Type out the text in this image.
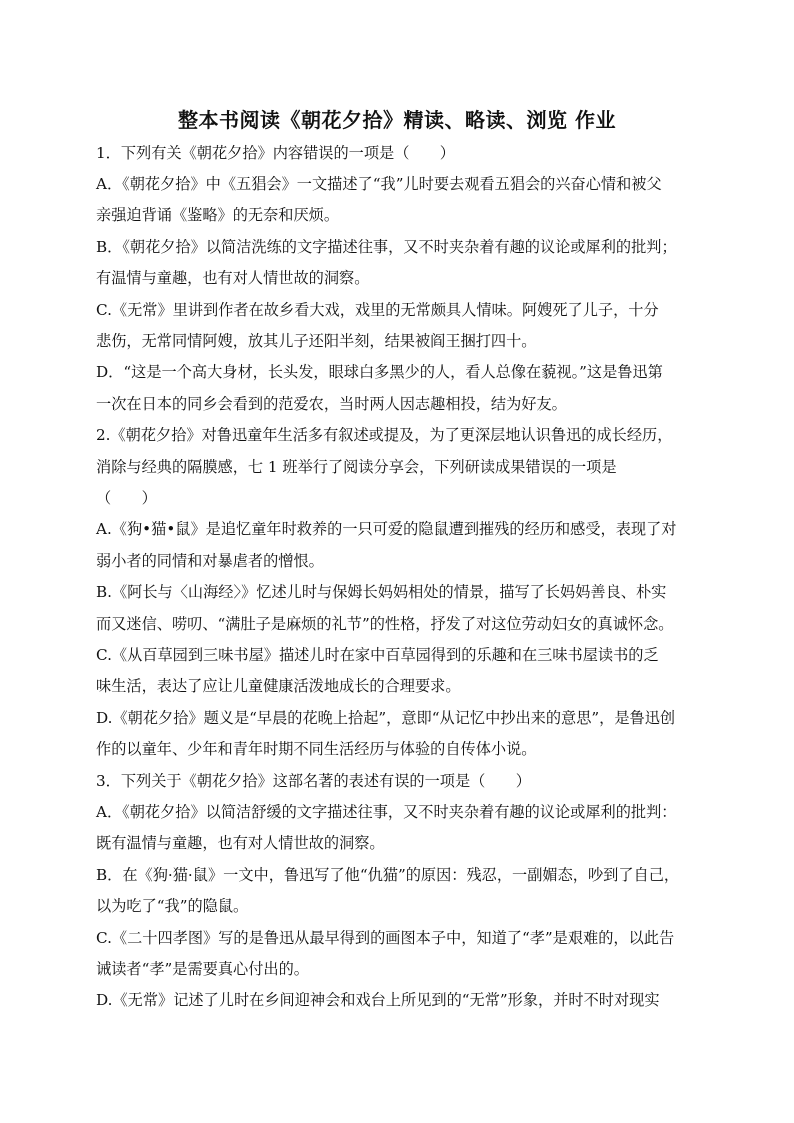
整本书阅读《朝花夕拾》精读、略读、浏览 作业
1．下列有关《朝花夕拾》内容错误的一项是（　　）
A．《朝花夕拾》中《五猖会》一文描述了“我”儿时要去观看五猖会的兴奋心情和被父
亲强迫背诵《鉴略》的无奈和厌烦。
B．《朝花夕拾》以简洁洗练的文字描述往事，又不时夹杂着有趣的议论或犀利的批判；
有温情与童趣，也有对人情世故的洞察。
C.《无常》里讲到作者在故乡看大戏，戏里的无常颇具人情味。阿嫂死了儿子，十分
悲伤，无常同情阿嫂，放其儿子还阳半刻，结果被阎王捆打四十。
D．“这是一个高大身材，长头发，眼球白多黑少的人，看人总像在藐视。”这是鲁迅第
一次在日本的同乡会看到的范爱农，当时两人因志趣相投，结为好友。
2.《朝花夕拾》对鲁迅童年生活多有叙述或提及，为了更深层地认识鲁迅的成长经历，
消除与经典的隔膜感，七 1 班举行了阅读分享会，下列研读成果错误的一项是
（　　）
A.《狗•猫•鼠》是追忆童年时救养的一只可爱的隐鼠遭到摧残的经历和感受，表现了对
弱小者的同情和对暴虐者的憎恨。
B.《阿长与〈山海经〉》忆述儿时与保姆长妈妈相处的情景，描写了长妈妈善良、朴实
而又迷信、唠叨、“满肚子是麻烦的礼节”的性格，抒发了对这位劳动妇女的真诚怀念。
C.《从百草园到三味书屋》描述儿时在家中百草园得到的乐趣和在三味书屋读书的乏
味生活，表达了应让儿童健康活泼地成长的合理要求。
D.《朝花夕拾》题义是“早晨的花晚上拾起”，意即“从记忆中抄出来的意思”，是鲁迅创
作的以童年、少年和青年时期不同生活经历与体验的自传体小说。
3．下列关于《朝花夕拾》这部名著的表述有误的一项是（　　）
A．《朝花夕拾》以简洁舒缓的文字描述往事，又不时夹杂着有趣的议论或犀利的批判：
既有温情与童趣，也有对人情世故的洞察。
B．在《狗·猫·鼠》一文中，鲁迅写了他“仇猫”的原因：残忍，一副媚态，吵到了自己，
以为吃了“我”的隐鼠。
C.《二十四孝图》写的是鲁迅从最早得到的画图本子中，知道了“孝”是艰难的，以此告
诫读者“孝”是需要真心付出的。
D.《无常》记述了儿时在乡间迎神会和戏台上所见到的“无常”形象，并时不时对现实
